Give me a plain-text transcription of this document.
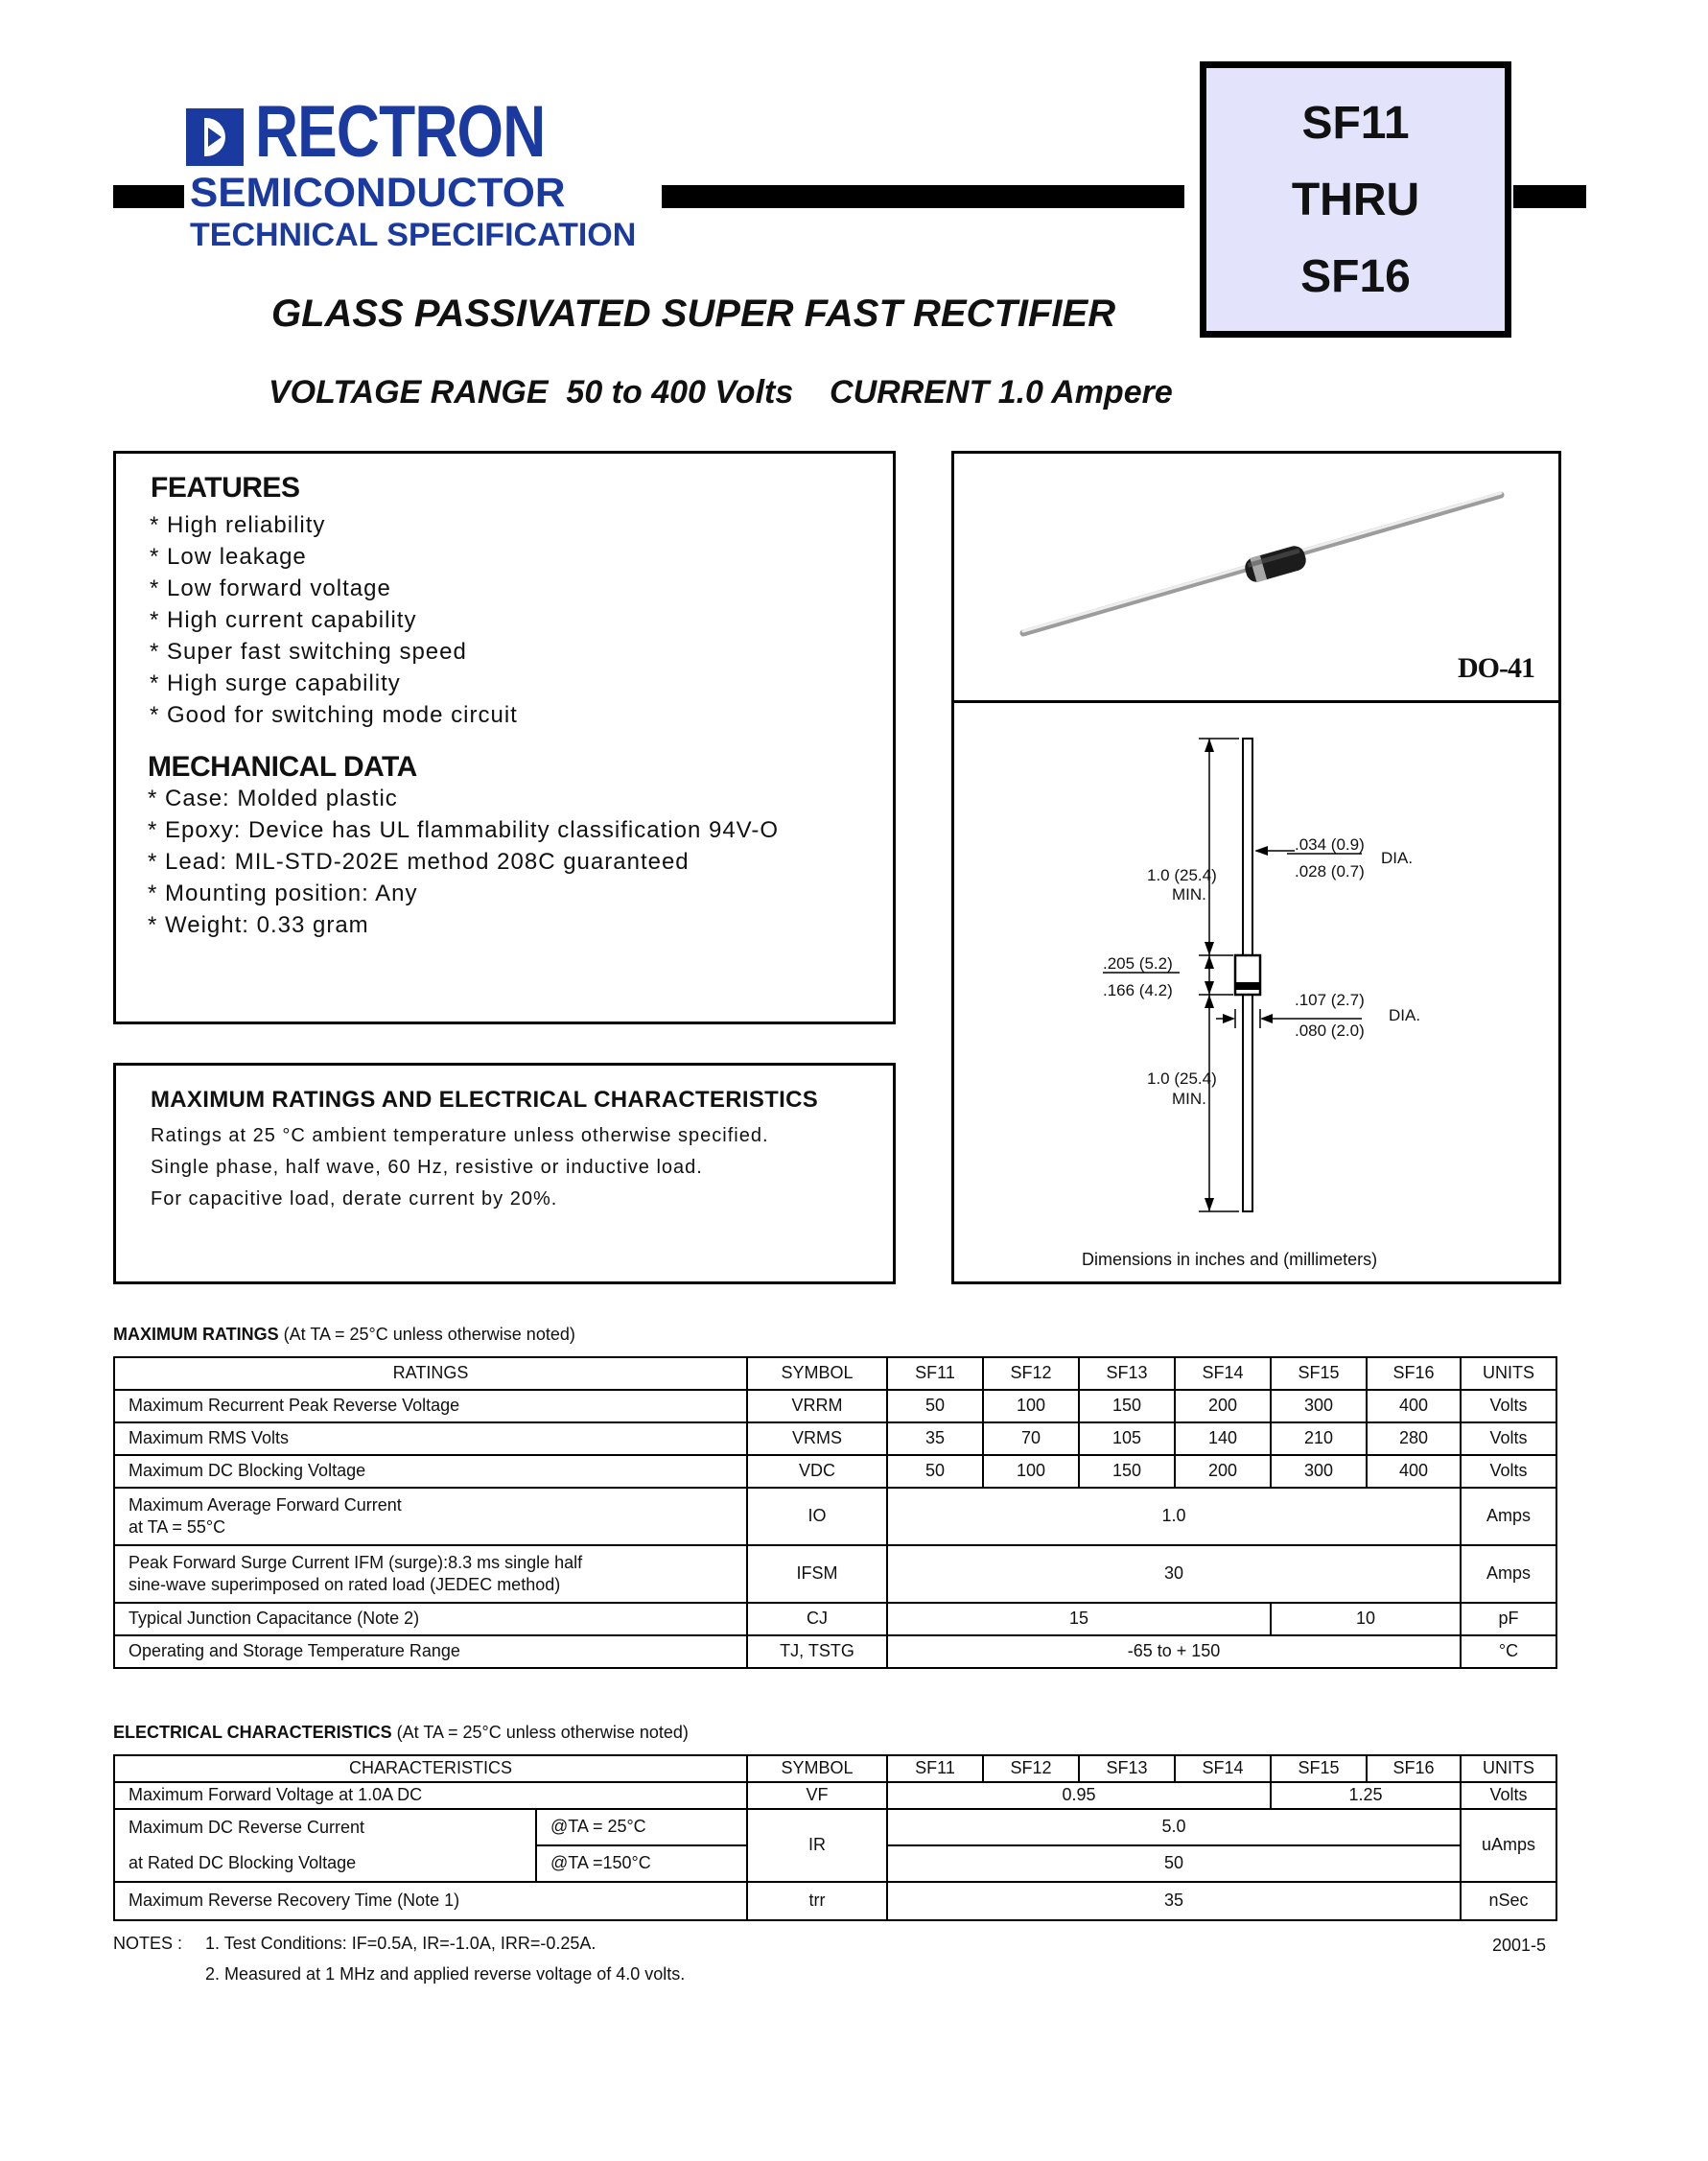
RECTRON
SEMICONDUCTOR
TECHNICAL SPECIFICATION
SF11
THRU
SF16
GLASS PASSIVATED SUPER FAST RECTIFIER
VOLTAGE RANGE  50 to 400 Volts    CURRENT 1.0 Ampere
FEATURES
* High reliability
* Low leakage
* Low forward voltage
* High current capability
* Super fast switching speed
* High surge capability
* Good for switching mode circuit
MECHANICAL DATA
* Case: Molded plastic
* Epoxy: Device has UL flammability classification 94V-O
* Lead: MIL-STD-202E method 208C guaranteed
* Mounting position: Any
* Weight: 0.33 gram
MAXIMUM RATINGS AND ELECTRICAL CHARACTERISTICS
Ratings at 25 °C ambient temperature unless otherwise specified.
Single phase, half wave, 60 Hz, resistive or inductive load.
For capacitive load, derate current by 20%.
DO-41
1.0 (25.4)
MIN.
.034 (0.9)
.028 (0.7)
DIA.
.205 (5.2)
.166 (4.2)
.107 (2.7)
.080 (2.0)
DIA.
1.0 (25.4)
MIN.
Dimensions in inches and (millimeters)
MAXIMUM RATINGS (At TA = 25°C unless otherwise noted)
RATINGS	SYMBOL	SF11	SF12	SF13	SF14	SF15	SF16	UNITS
Maximum Recurrent Peak Reverse Voltage	VRRM	50	100	150	200	300	400	Volts
Maximum RMS Volts	VRMS	35	70	105	140	210	280	Volts
Maximum DC Blocking Voltage	VDC	50	100	150	200	300	400	Volts
Maximum Average Forward Current
at TA = 55°C	IO	1.0						Amps
Peak Forward Surge Current IFM (surge):8.3 ms single half
sine-wave superimposed on rated load (JEDEC method)	IFSM	30						Amps
Typical Junction Capacitance (Note 2)	CJ	15				10		pF
Operating and Storage Temperature Range	TJ, TSTG	-65 to + 150						°C
ELECTRICAL CHARACTERISTICS (At TA = 25°C unless otherwise noted)
CHARACTERISTICS		SYMBOL	SF11	SF12	SF13	SF14	SF15	SF16	UNITS
Maximum Forward Voltage at 1.0A DC		VF	0.95				1.25		Volts
Maximum DC Reverse Current	@TA = 25°C	IR	5.0						uAmps
at Rated DC Blocking Voltage	@TA =150°C		50						
Maximum Reverse Recovery Time (Note 1)		trr	35						nSec
NOTES : 1. Test Conditions: IF=0.5A, IR=-1.0A, IRR=-0.25A.
2. Measured at 1 MHz and applied reverse voltage of 4.0 volts.
2001-5
